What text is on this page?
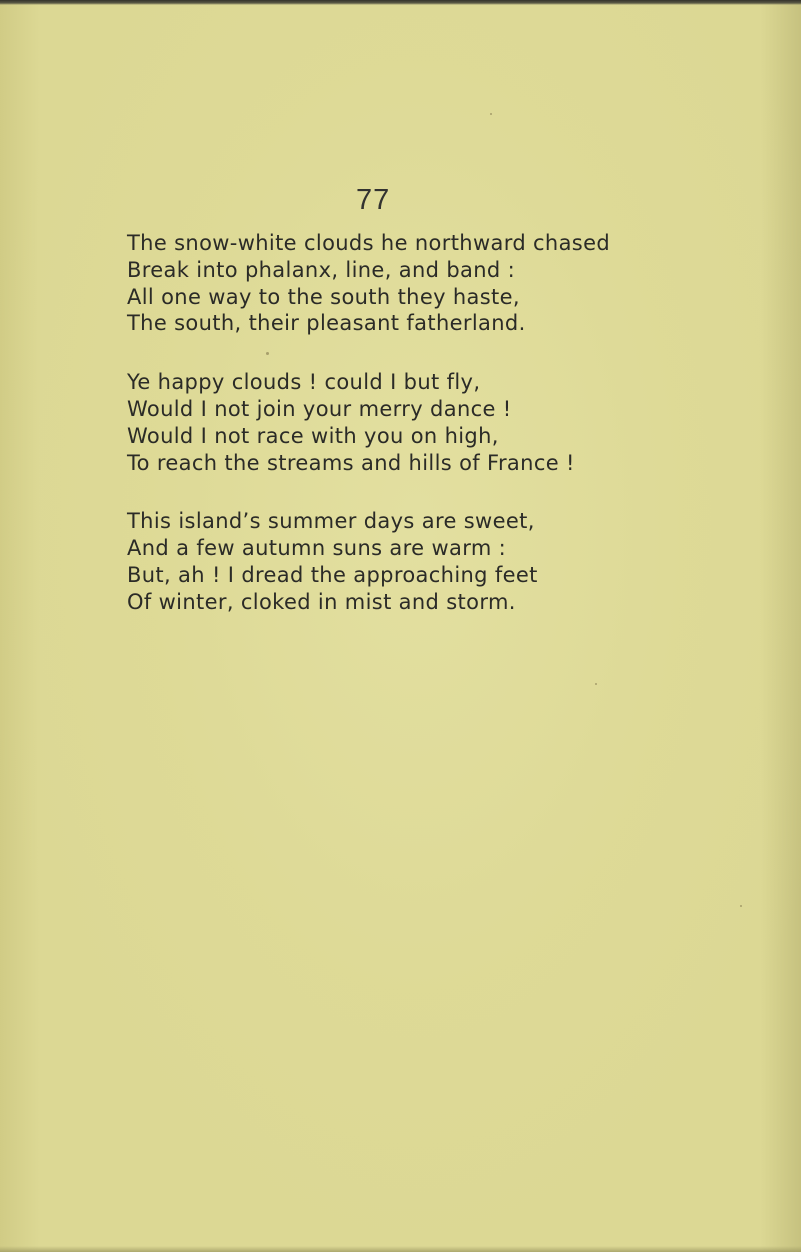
77
The snow-white clouds he northward chased
Break into phalanx, line, and band :
All one way to the south they haste,
The south, their pleasant fatherland.
Ye happy clouds ! could I but fly,
Would I not join your merry dance !
Would I not race with you on high,
To reach the streams and hills of France !
This island’s summer days are sweet,
And a few autumn suns are warm :
But, ah ! I dread the approaching feet
Of winter, cloked in mist and storm.
